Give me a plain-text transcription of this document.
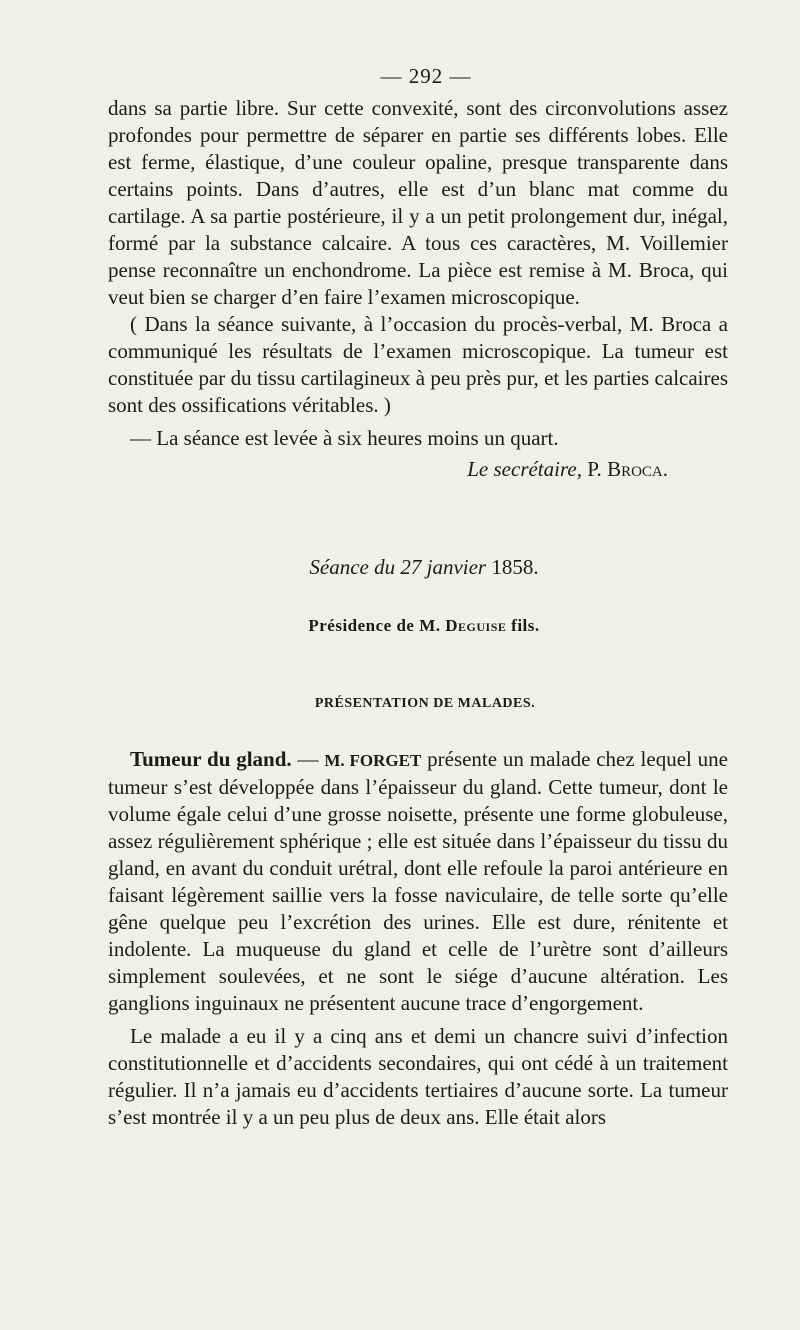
— 292 —

dans sa partie libre. Sur cette convexité, sont des circonvolutions assez profondes pour permettre de séparer en partie ses différents lobes. Elle est ferme, élastique, d’une couleur opaline, presque transparente dans certains points. Dans d’autres, elle est d’un blanc mat comme du cartilage. A sa partie postérieure, il y a un petit prolongement dur, inégal, formé par la substance calcaire. A tous ces caractères, M. Voillemier pense reconnaître un enchondrome. La pièce est remise à M. Broca, qui veut bien se charger d’en faire l’examen microscopique.

( Dans la séance suivante, à l’occasion du procès-verbal, M. Broca a communiqué les résultats de l’examen microscopique. La tumeur est constituée par du tissu cartilagineux à peu près pur, et les parties calcaires sont des ossifications véritables. )

— La séance est levée à six heures moins un quart.

Le secrétaire, P. Broca.
Séance du 27 janvier 1858.
Présidence de M. Deguise fils.
PRÉSENTATION DE MALADES.

Tumeur du gland. — M. FORGET présente un malade chez lequel une tumeur s’est développée dans l’épaisseur du gland. Cette tumeur, dont le volume égale celui d’une grosse noisette, présente une forme globuleuse, assez régulièrement sphérique ; elle est située dans l’épaisseur du tissu du gland, en avant du conduit urétral, dont elle refoule la paroi antérieure en faisant légèrement saillie vers la fosse naviculaire, de telle sorte qu’elle gêne quelque peu l’excrétion des urines. Elle est dure, rénitente et indolente. La muqueuse du gland et celle de l’urètre sont d’ailleurs simplement soulevées, et ne sont le siége d’aucune altération. Les ganglions inguinaux ne présentent aucune trace d’engorgement.

Le malade a eu il y a cinq ans et demi un chancre suivi d’infection constitutionnelle et d’accidents secondaires, qui ont cédé à un traitement régulier. Il n’a jamais eu d’accidents tertiaires d’aucune sorte. La tumeur s’est montrée il y a un peu plus de deux ans. Elle était alors
